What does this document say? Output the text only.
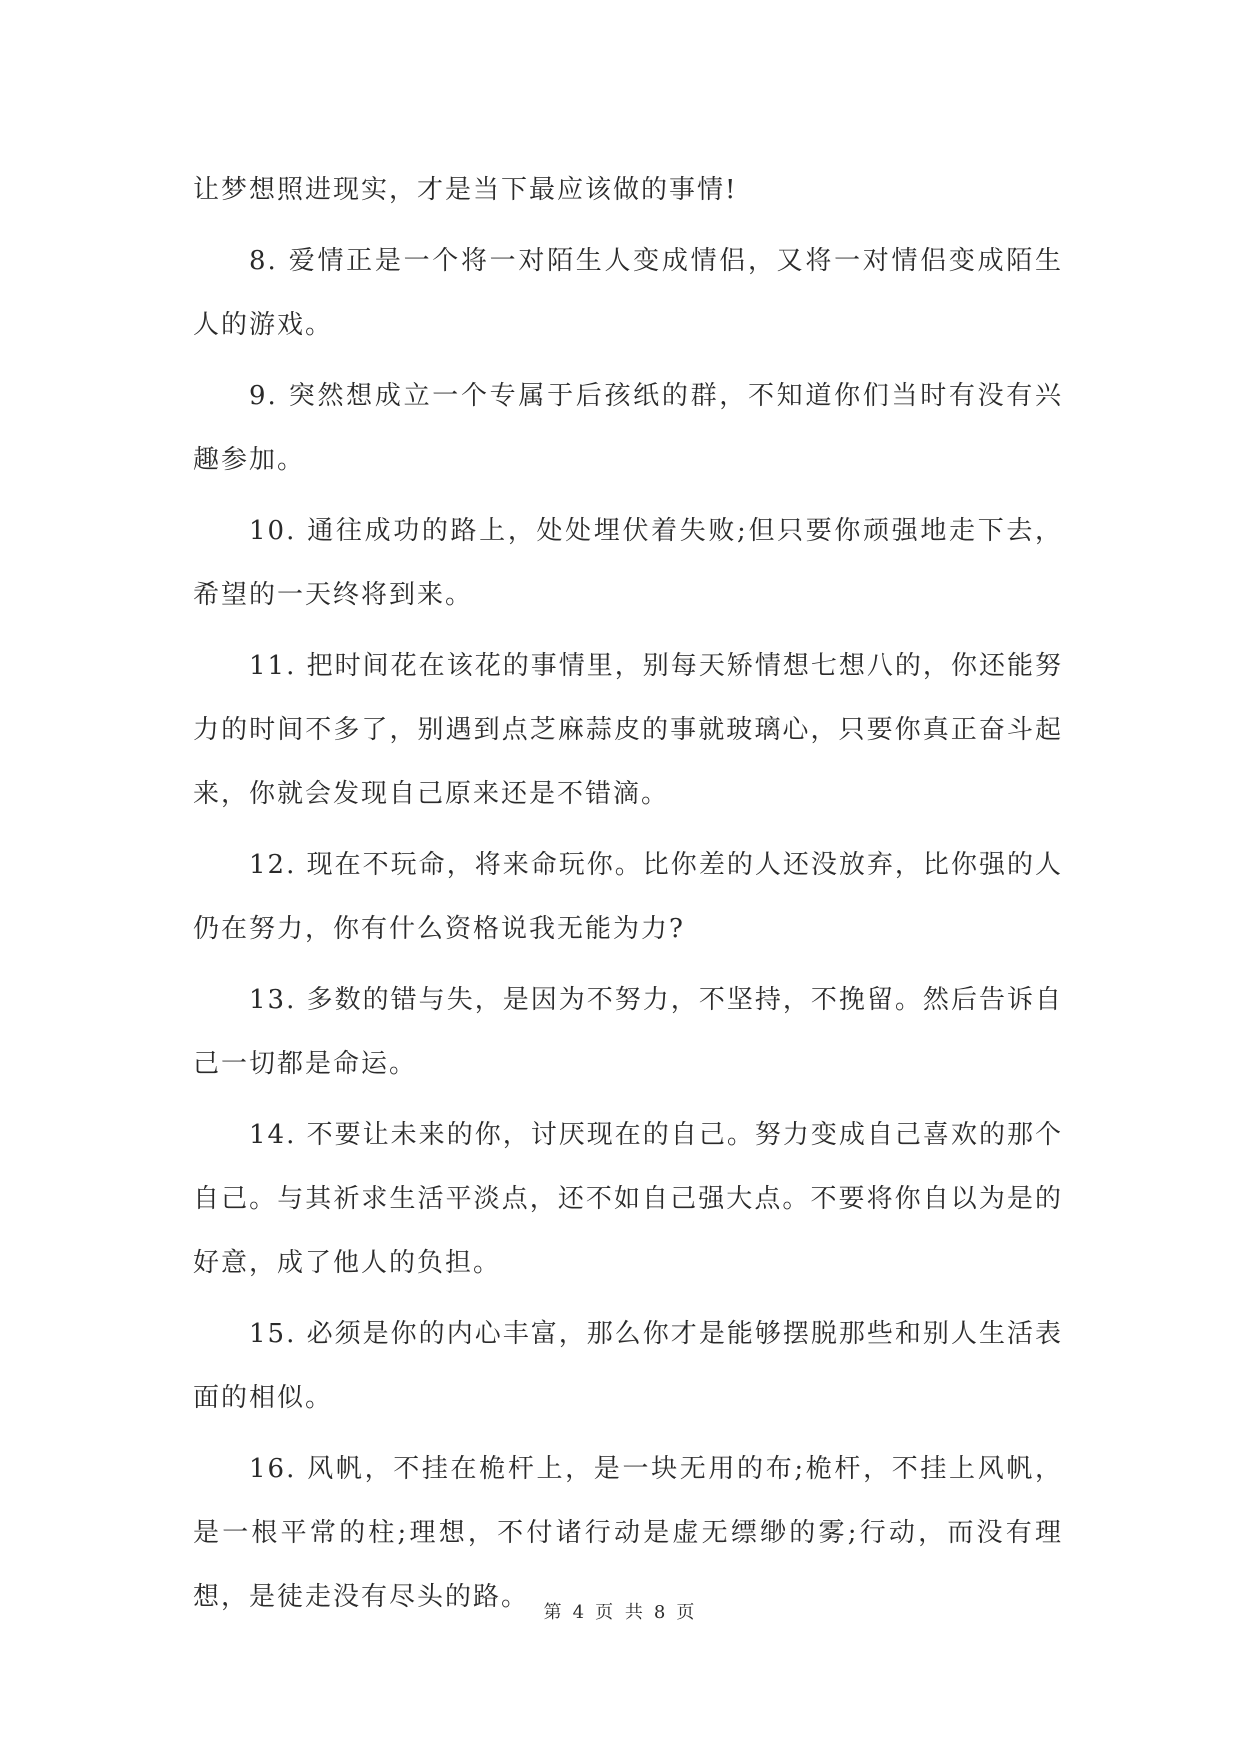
让梦想照进现实，才是当下最应该做的事情!

8. 爱情正是一个将一对陌生人变成情侣，又将一对情侣变成陌生人的游戏。

9. 突然想成立一个专属于后孩纸的群，不知道你们当时有没有兴趣参加。

10. 通往成功的路上，处处埋伏着失败;但只要你顽强地走下去，希望的一天终将到来。

11. 把时间花在该花的事情里，别每天矫情想七想八的，你还能努力的时间不多了，别遇到点芝麻蒜皮的事就玻璃心，只要你真正奋斗起来，你就会发现自己原来还是不错滴。

12. 现在不玩命，将来命玩你。比你差的人还没放弃，比你强的人仍在努力，你有什么资格说我无能为力?

13. 多数的错与失，是因为不努力，不坚持，不挽留。然后告诉自己一切都是命运。

14. 不要让未来的你，讨厌现在的自己。努力变成自己喜欢的那个自己。与其祈求生活平淡点，还不如自己强大点。不要将你自以为是的好意，成了他人的负担。

15. 必须是你的内心丰富，那么你才是能够摆脱那些和别人生活表面的相似。

16. 风帆，不挂在桅杆上，是一块无用的布;桅杆，不挂上风帆，是一根平常的柱;理想，不付诸行动是虚无缥缈的雾;行动，而没有理想，是徒走没有尽头的路。

第 4 页 共 8 页
